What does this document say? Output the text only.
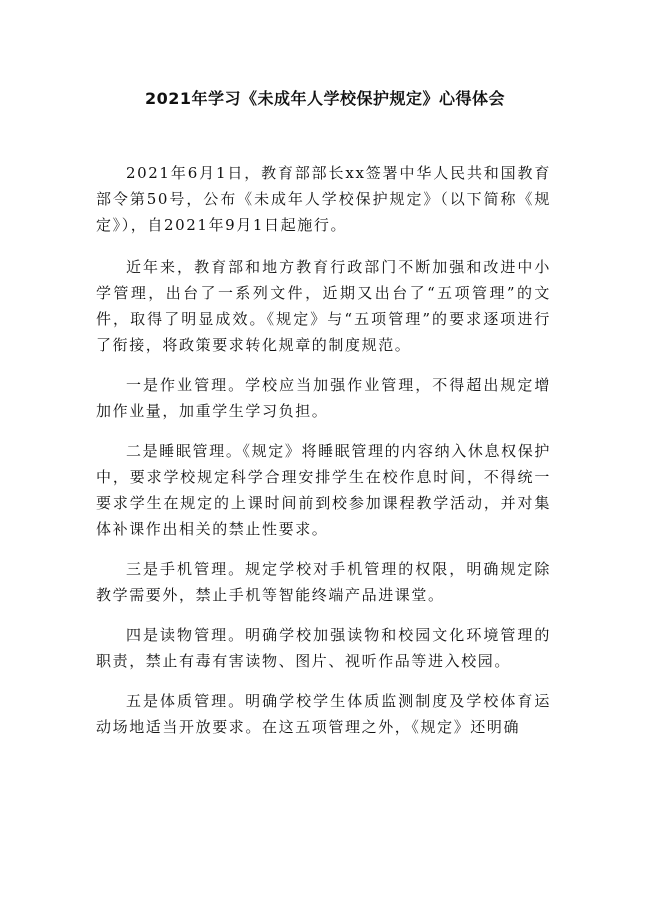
2021年学习《未成年人学校保护规定》心得体会

2021年6月1日，教育部部长xx签署中华人民共和国教育部令第50号，公布《未成年人学校保护规定》（以下简称《规定》），自2021年9月1日起施行。

近年来，教育部和地方教育行政部门不断加强和改进中小学管理，出台了一系列文件，近期又出台了“五项管理”的文件，取得了明显成效。《规定》与“五项管理”的要求逐项进行了衔接，将政策要求转化规章的制度规范。

一是作业管理。学校应当加强作业管理，不得超出规定增加作业量，加重学生学习负担。

二是睡眠管理。《规定》将睡眠管理的内容纳入休息权保护中，要求学校规定科学合理安排学生在校作息时间，不得统一要求学生在规定的上课时间前到校参加课程教学活动，并对集体补课作出相关的禁止性要求。

三是手机管理。规定学校对手机管理的权限，明确规定除教学需要外，禁止手机等智能终端产品进课堂。

四是读物管理。明确学校加强读物和校园文化环境管理的职责，禁止有毒有害读物、图片、视听作品等进入校园。

五是体质管理。明确学校学生体质监测制度及学校体育运动场地适当开放要求。在这五项管理之外，《规定》还明确
